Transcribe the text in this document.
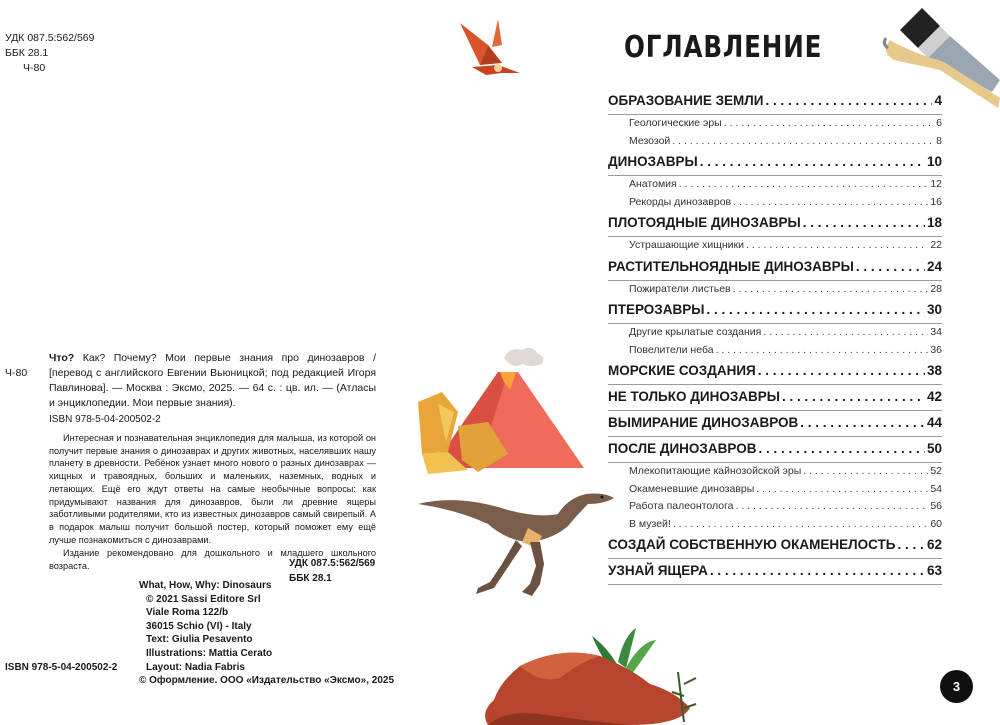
УДК 087.5:562/569
ББК 28.1
Ч-80
Ч-80
Что? Как? Почему? Мои первые знания про динозавров / [перевод с английского Евгении Вьюницкой; под редакцией Игоря Павлинова]. — Москва : Эксмо, 2025. — 64 с. : цв. ил. — (Атласы и энциклопедии. Мои первые знания).
ISBN 978-5-04-200502-2

Интересная и познавательная энциклопедия для малыша, из которой он получит первые знания о динозаврах и других животных, населявших нашу планету в древности. Ребёнок узнает много нового о разных динозаврах — хищных и травоядных, больших и маленьких, наземных, водных и летающих. Ещё его ждут ответы на самые необычные вопросы: как придумывают названия для динозавров, были ли древние ящеры заботливыми родителями, кто из известных динозавров самый свирепый. А в подарок малыш получит большой постер, который поможет ему ещё лучше познакомиться с динозаврами.

Издание рекомендовано для дошкольного и младшего школьного возраста.	УДК 087.5:562/569
ББК 28.1
What, How, Why: Dinosaurs
© 2021 Sassi Editore Srl
Viale Roma 122/b
36015 Schio (VI) - Italy
Text: Giulia Pesavento
Illustrations: Mattia Cerato
Layout: Nadia Fabris
© Оформление. ООО «Издательство «Эксмо», 2025
ISBN 978-5-04-200502-2
ОГЛАВЛЕНИЕ
ОБРАЗОВАНИЕ ЗЕМЛИ . . .	4
Геологические эры . . .	6
Мезозой . . .	8
ДИНОЗАВРЫ . . .	10
Анатомия . . .	12
Рекорды динозавров . . .	16
ПЛОТОЯДНЫЕ ДИНОЗАВРЫ . . .	18
Устрашающие хищники . . .	22
РАСТИТЕЛЬНОЯДНЫЕ ДИНОЗАВРЫ . . .	24
Пожиратели листьев . . .	28
ПТЕРОЗАВРЫ . . .	30
Другие крылатые создания . . .	34
Повелители неба . . .	36
МОРСКИЕ СОЗДАНИЯ . . .	38
НЕ ТОЛЬКО ДИНОЗАВРЫ . . .	42
ВЫМИРАНИЕ ДИНОЗАВРОВ . . .	44
ПОСЛЕ ДИНОЗАВРОВ . . .	50
Млекопитающие кайнозойской эры . . .	52
Окаменевшие динозавры . . .	54
Работа палеонтолога . . .	56
В музей! . . .	60
СОЗДАЙ СОБСТВЕННУЮ ОКАМЕНЕЛОСТЬ . . . 62
УЗНАЙ ЯЩЕРА . . .	63
3
